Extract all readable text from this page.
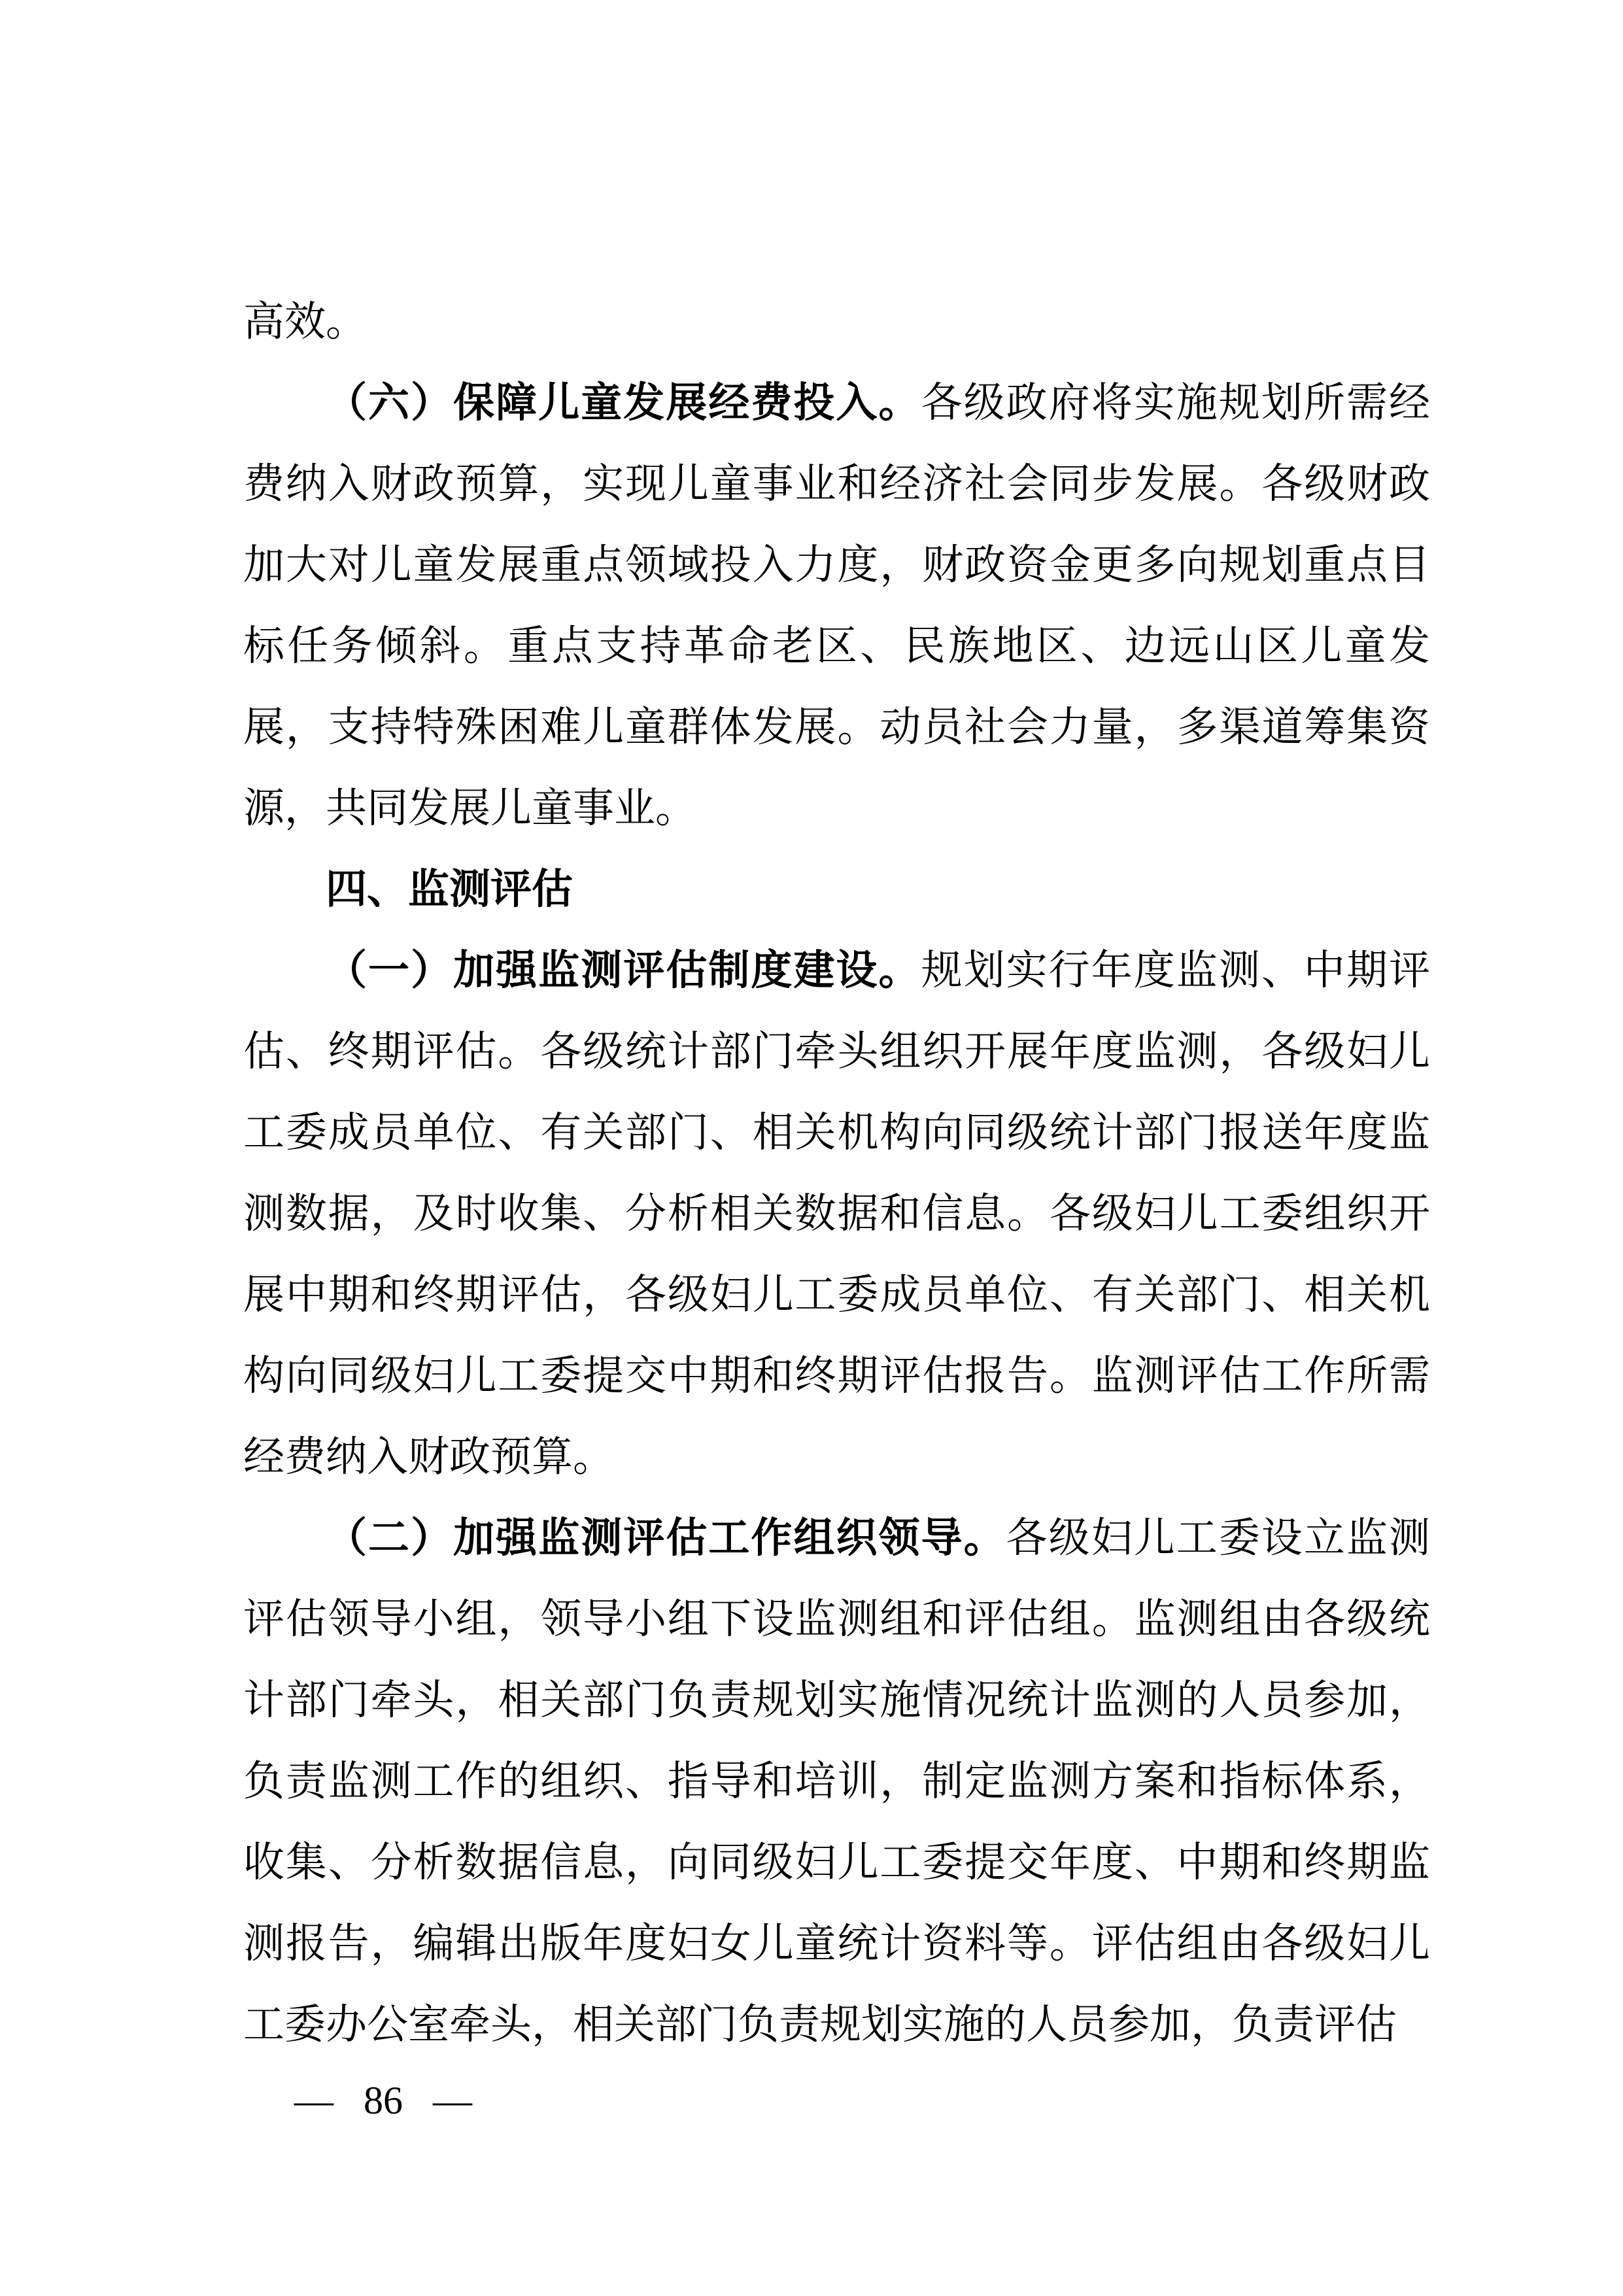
高效。

（六）保障儿童发展经费投入。各级政府将实施规划所需经费纳入财政预算，实现儿童事业和经济社会同步发展。各级财政加大对儿童发展重点领域投入力度，财政资金更多向规划重点目标任务倾斜。重点支持革命老区、民族地区、边远山区儿童发展，支持特殊困难儿童群体发展。动员社会力量，多渠道筹集资源，共同发展儿童事业。

四、监测评估

（一）加强监测评估制度建设。规划实行年度监测、中期评估、终期评估。各级统计部门牵头组织开展年度监测，各级妇儿工委成员单位、有关部门、相关机构向同级统计部门报送年度监测数据，及时收集、分析相关数据和信息。各级妇儿工委组织开展中期和终期评估，各级妇儿工委成员单位、有关部门、相关机构向同级妇儿工委提交中期和终期评估报告。监测评估工作所需经费纳入财政预算。

（二）加强监测评估工作组织领导。各级妇儿工委设立监测评估领导小组，领导小组下设监测组和评估组。监测组由各级统计部门牵头，相关部门负责规划实施情况统计监测的人员参加，负责监测工作的组织、指导和培训，制定监测方案和指标体系，收集、分析数据信息，向同级妇儿工委提交年度、中期和终期监测报告，编辑出版年度妇女儿童统计资料等。评估组由各级妇儿工委办公室牵头，相关部门负责规划实施的人员参加，负责评估

— 86 —
